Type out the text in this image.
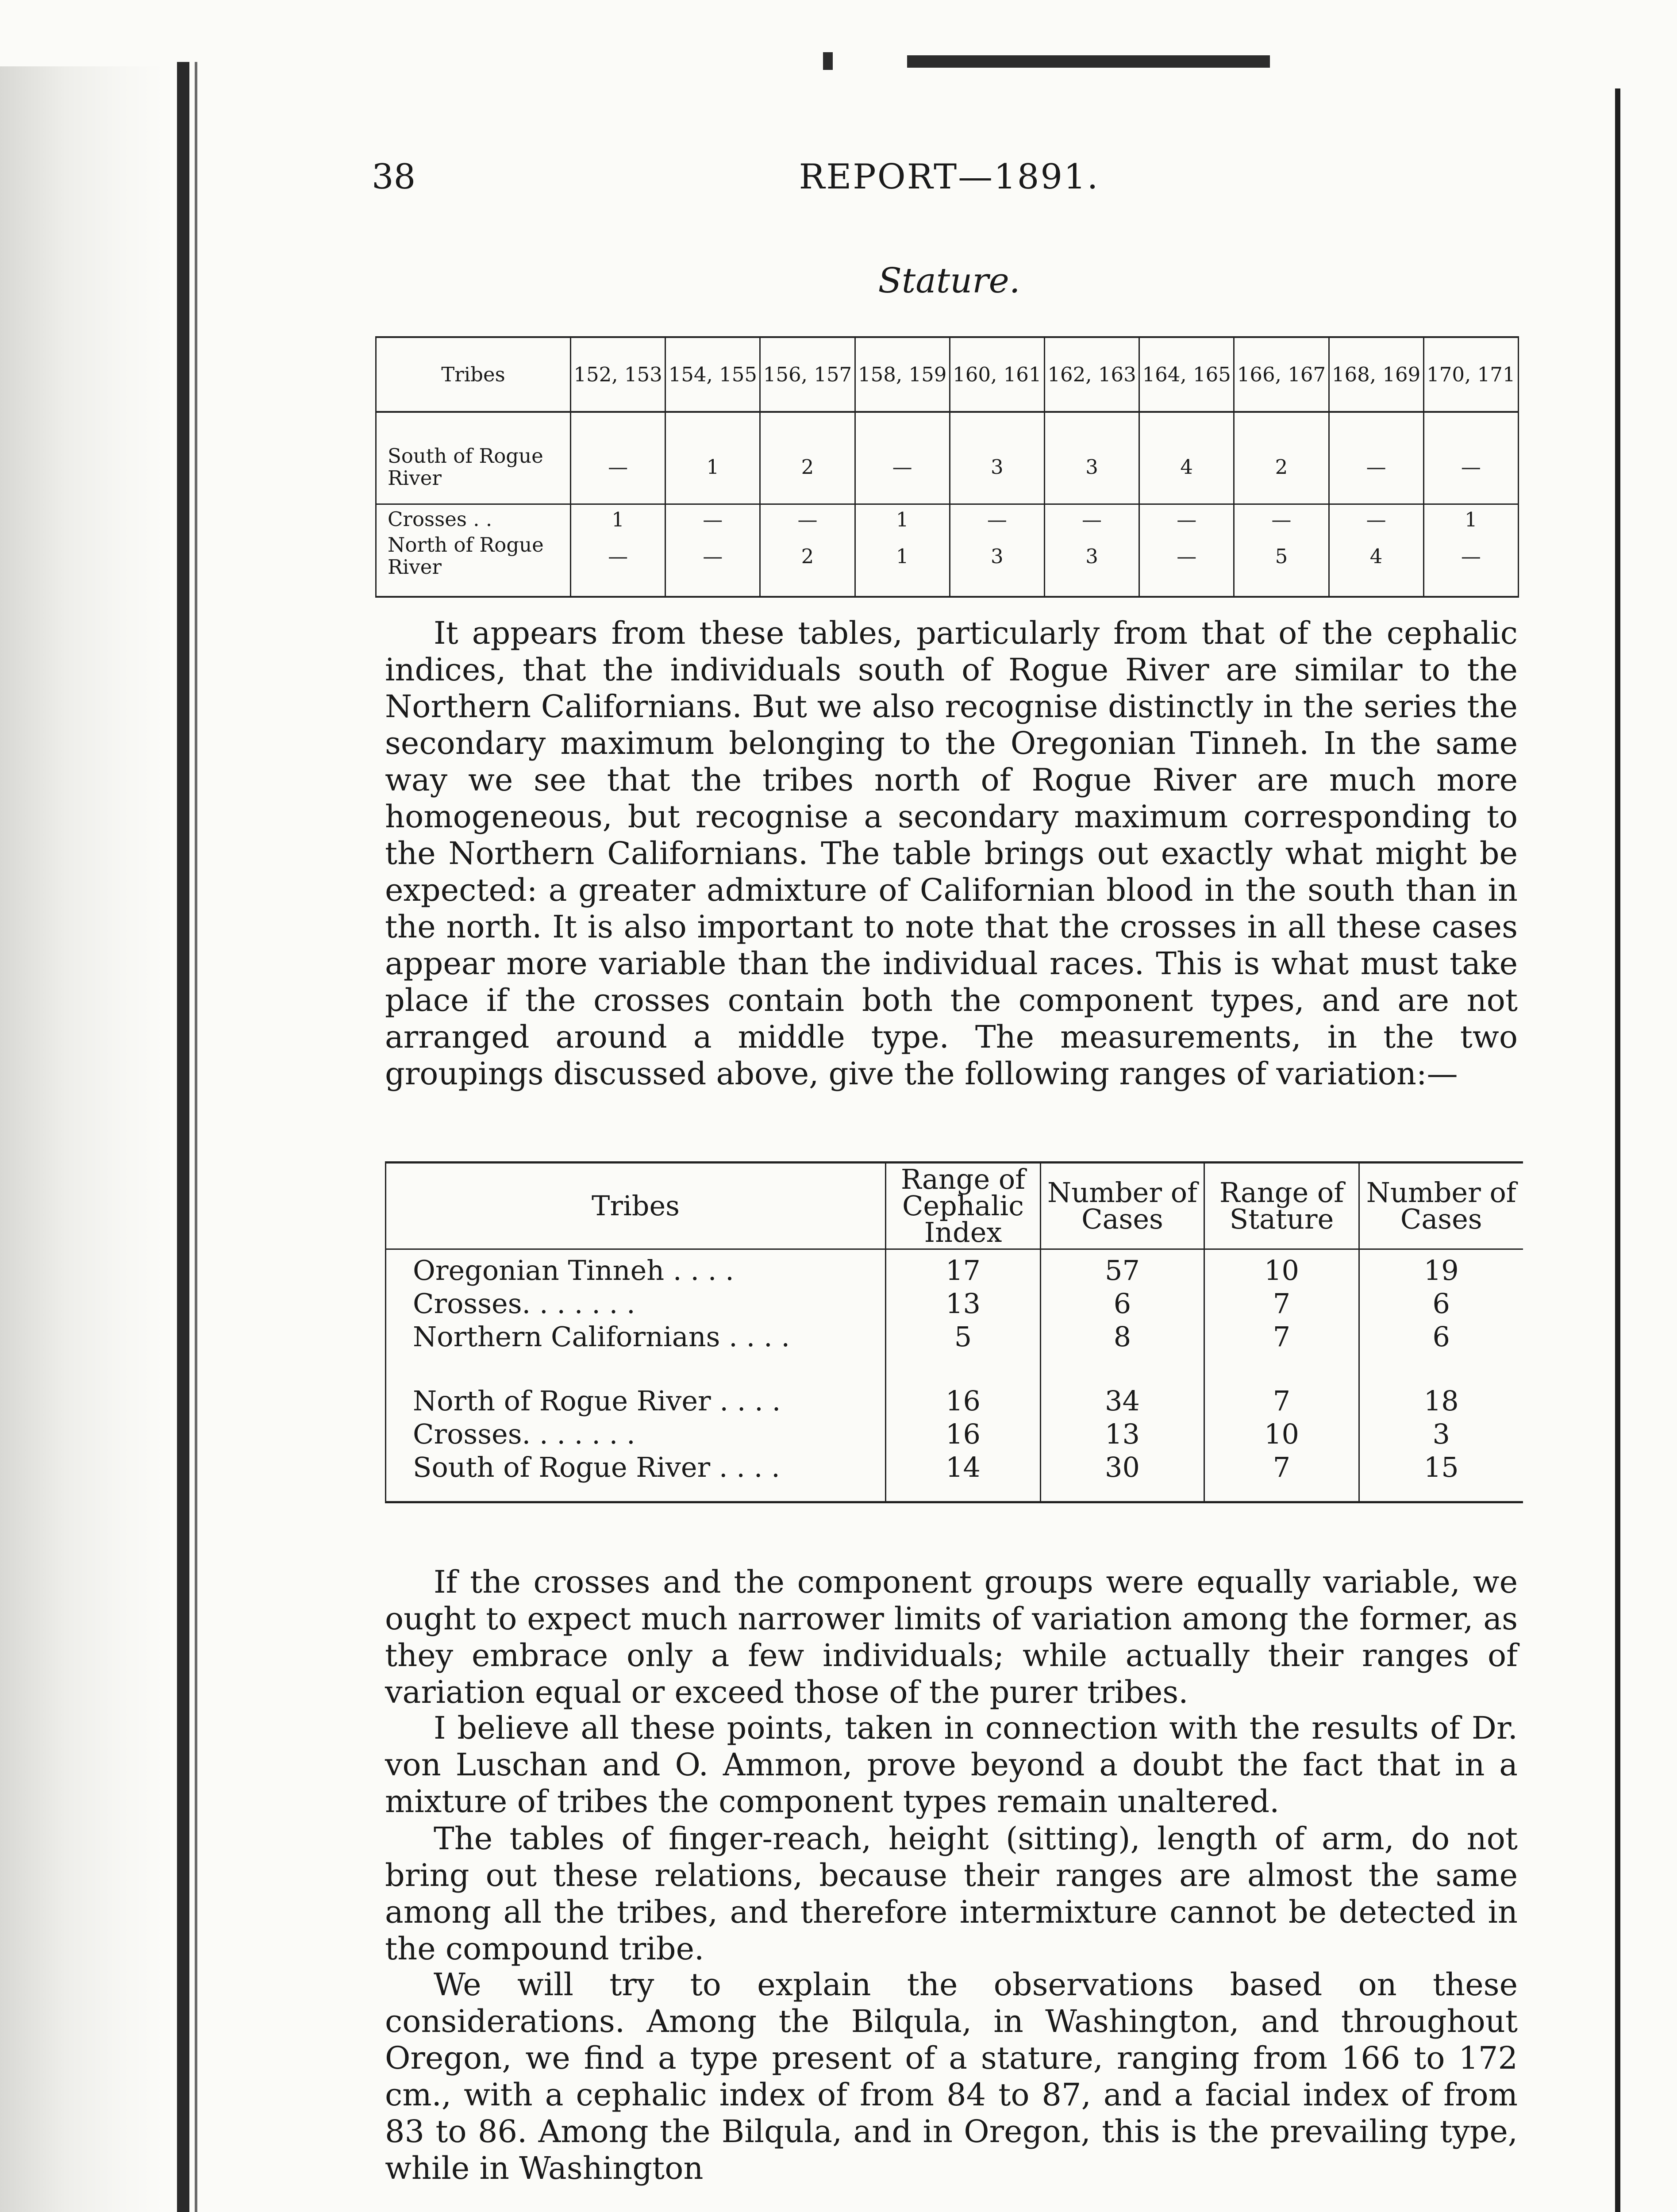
38	REPORT—1891.
Stature.
Tribes	152, 153	154, 155	156, 157	158, 159	160, 161	162, 163	164, 165	166, 167	168, 169	170, 171
South of Rogue River	—	1	2	—	3	3	4	2	—	—
Crosses . .	1	—	—	1	—	—	—	—	—	1
North of Rogue River	—	—	2	1	3	3	—	5	4	—

It appears from these tables, particularly from that of the cephalic indices, that the individuals south of Rogue River are similar to the Northern Californians. But we also recognise distinctly in the series the secondary maximum belonging to the Oregonian Tinneh. In the same way we see that the tribes north of Rogue River are much more homogeneous, but recognise a secondary maximum corresponding to the Northern Californians. The table brings out exactly what might be expected: a greater admixture of Californian blood in the south than in the north. It is also important to note that the crosses in all these cases appear more variable than the individual races. This is what must take place if the crosses contain both the component types, and are not arranged around a middle type. The measurements, in the two groupings discussed above, give the following ranges of variation:—

Tribes	Range of Cephalic Index	Number of Cases	Range of Stature	Number of Cases
Oregonian Tinneh . . . .	17	57	10	19
Crosses. . . . . . .	13	6	7	6
Northern Californians . . . .	5	8	7	6

North of Rogue River . . . .	16	34	7	18
Crosses. . . . . . .	16	13	10	3
South of Rogue River . . . .	14	30	7	15

If the crosses and the component groups were equally variable, we ought to expect much narrower limits of variation among the former, as they embrace only a few individuals; while actually their ranges of variation equal or exceed those of the purer tribes.

I believe all these points, taken in connection with the results of Dr. von Luschan and O. Ammon, prove beyond a doubt the fact that in a mixture of tribes the component types remain unaltered.

The tables of finger-reach, height (sitting), length of arm, do not bring out these relations, because their ranges are almost the same among all the tribes, and therefore intermixture cannot be detected in the compound tribe.

We will try to explain the observations based on these considerations. Among the Bilqula, in Washington, and throughout Oregon, we find a type present of a stature, ranging from 166 to 172 cm., with a cephalic index of from 84 to 87, and a facial index of from 83 to 86. Among the Bilqula, and in Oregon, this is the prevailing type, while in Washington
